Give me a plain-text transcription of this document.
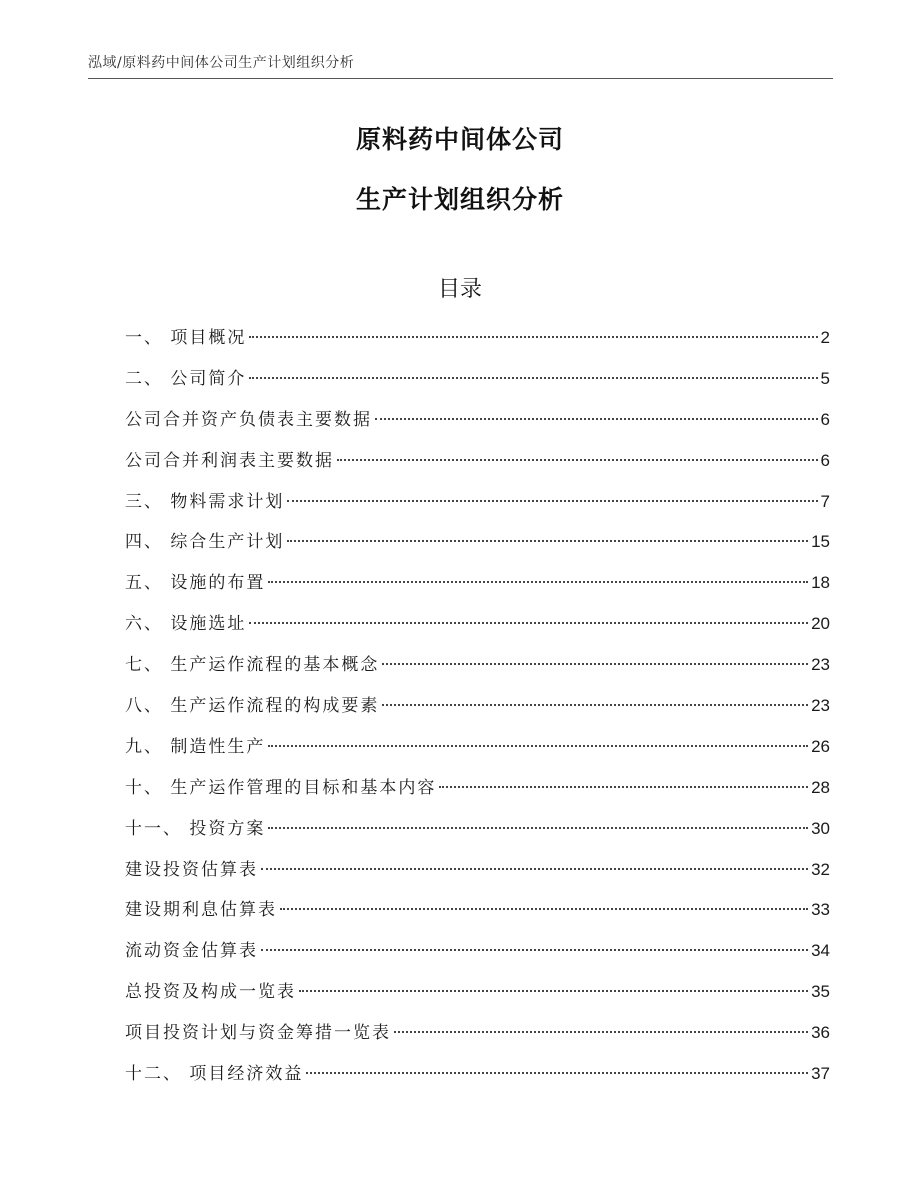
泓域/原料药中间体公司生产计划组织分析
原料药中间体公司
生产计划组织分析
目录
一、 项目概况	2
二、 公司简介	5
公司合并资产负债表主要数据	6
公司合并利润表主要数据	6
三、 物料需求计划	7
四、 综合生产计划	15
五、 设施的布置	18
六、 设施选址	20
七、 生产运作流程的基本概念	23
八、 生产运作流程的构成要素	23
九、 制造性生产	26
十、 生产运作管理的目标和基本内容	28
十一、 投资方案	30
建设投资估算表	32
建设期利息估算表	33
流动资金估算表	34
总投资及构成一览表	35
项目投资计划与资金筹措一览表	36
十二、 项目经济效益	37
